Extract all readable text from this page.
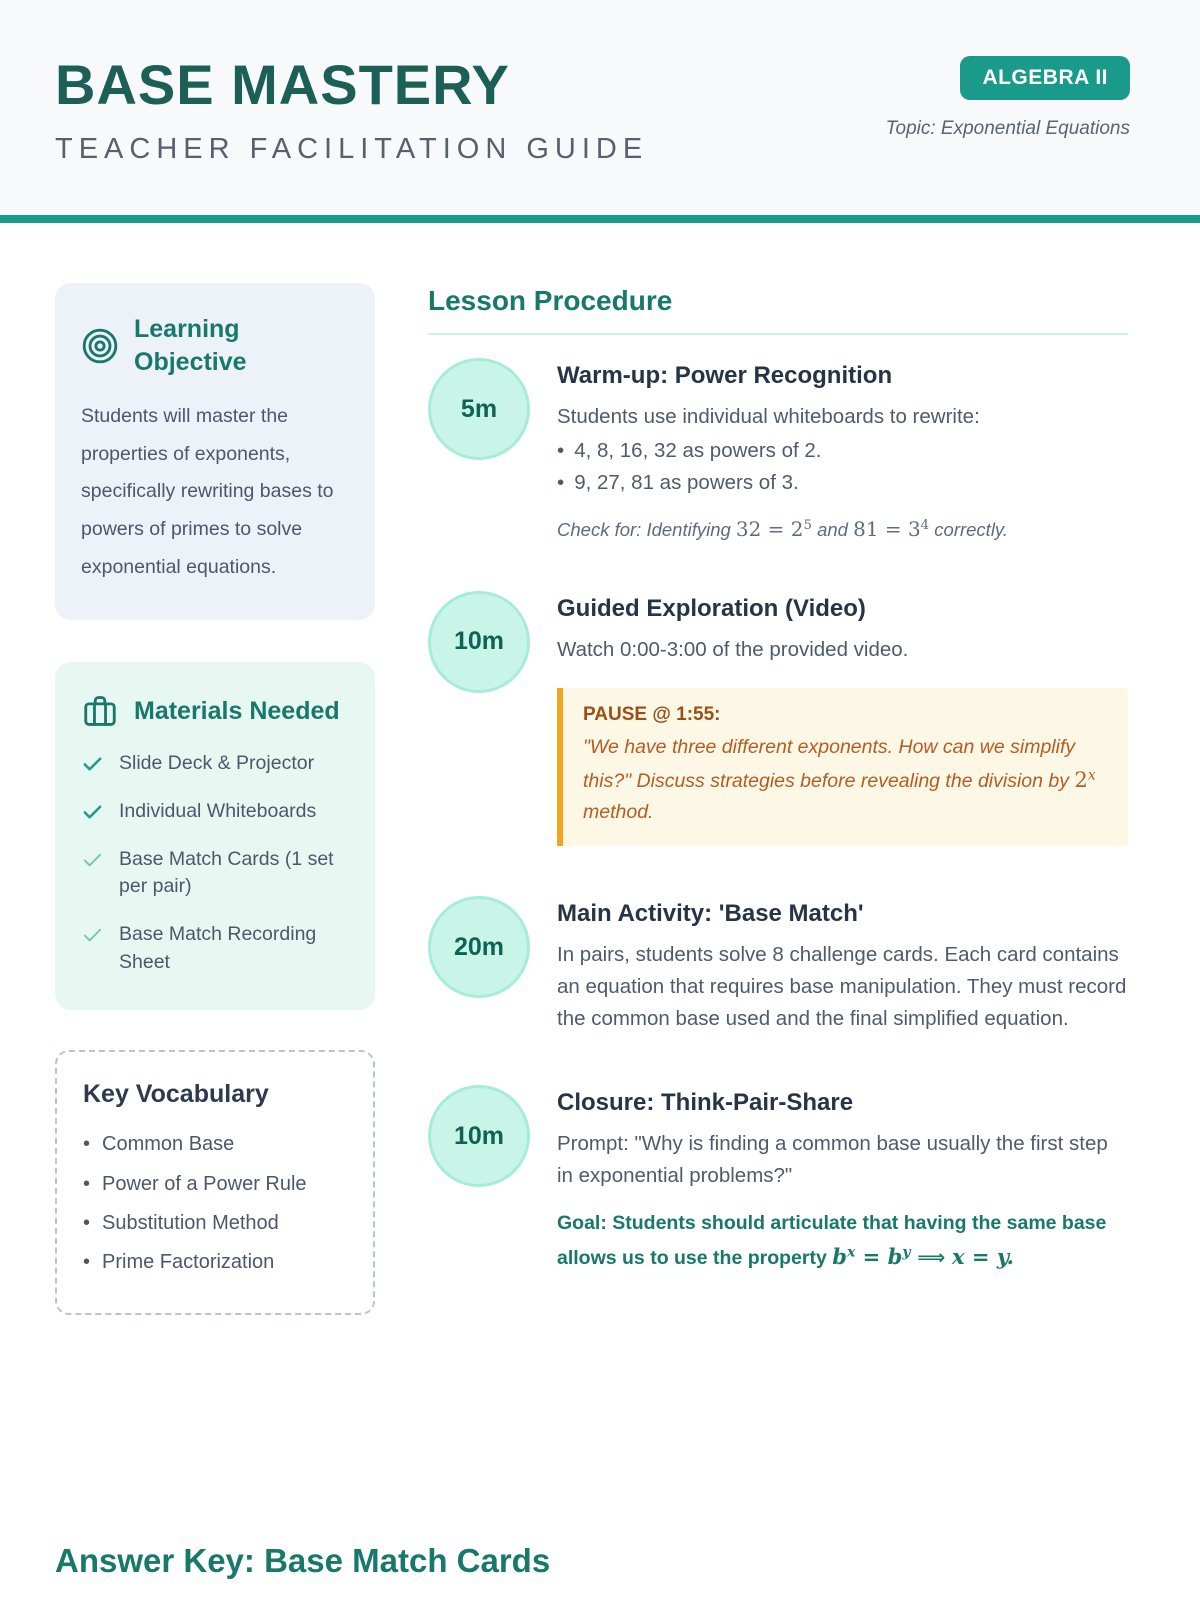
BASE MASTERY
TEACHER FACILITATION GUIDE
ALGEBRA II
Topic: Exponential Equations
Learning Objective

Students will master the properties of exponents, specifically rewriting bases to powers of primes to solve exponential equations.

Materials Needed
Slide Deck & Projector
Individual Whiteboards
Base Match Cards (1 set per pair)
Base Match Recording Sheet
Key Vocabulary
• Common Base
• Power of a Power Rule
• Substitution Method
• Prime Factorization
Lesson Procedure
5m
Warm-up: Power Recognition

Students use individual whiteboards to rewrite:

• 4, 8, 16, 32 as powers of 2.
• 9, 27, 81 as powers of 3.

Check for: Identifying $32 = 2^5$ and $81 = 3^4$ correctly.

10m
Guided Exploration (Video)

Watch 0:00-3:00 of the provided video.

PAUSE @ 1:55:

"We have three different exponents. How can we simplify this?" Discuss strategies before revealing the division by 2$^x$ method.

20m
Main Activity: 'Base Match'

In pairs, students solve 8 challenge cards. Each card contains an equation that requires base manipulation. They must record the common base used and the final simplified equation.

10m
Closure: Think-Pair-Share

Prompt: "Why is finding a common base usually the first step in exponential problems?"

Goal: Students should articulate that having the same base allows us to use the property $b^x = b^y$ ⟹ x = y.

Answer Key: Base Match Cards
